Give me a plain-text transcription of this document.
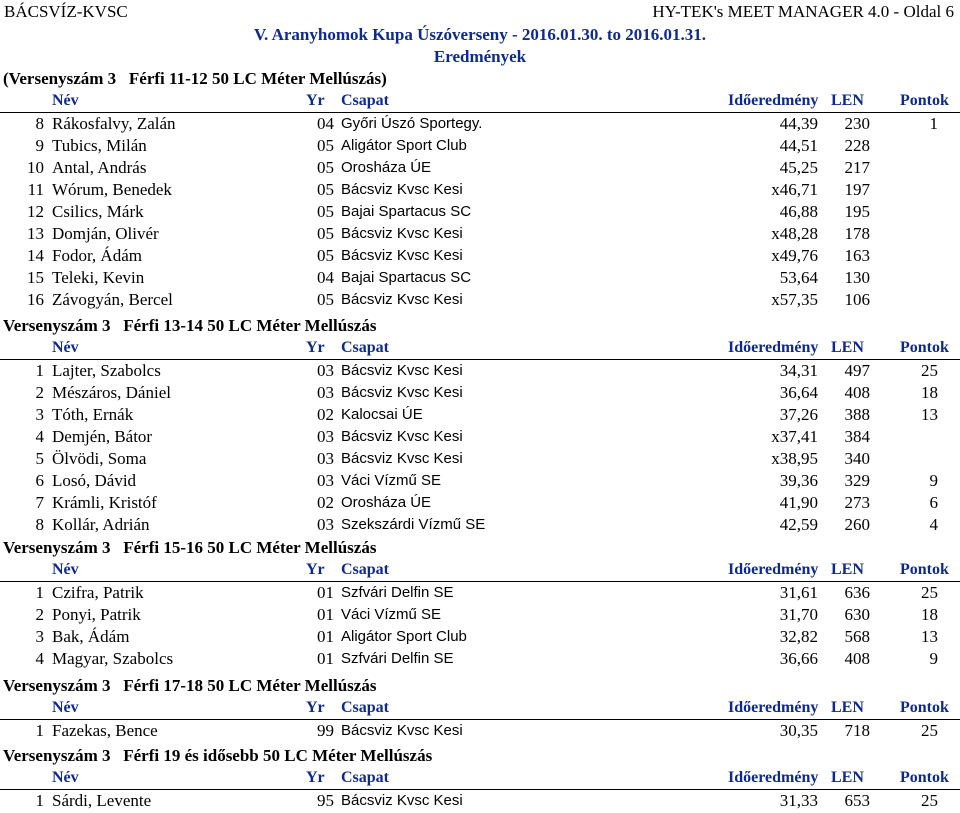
BÁCSVÍZ-KVSC	HY-TEK's MEET MANAGER 4.0 - Oldal 6
V. Aranyhomok Kupa Úszóverseny - 2016.01.30. to 2016.01.31.
Eredmények
(Versenyszám 3   Férfi 11-12 50 LC Méter Mellúszás)
Név	Yr Csapat	Időeredmény LEN Pontok
8 Rákosfalvy, Zalán	04 Győri Úszó Sportegy.	44,39	230	1
9 Tubics, Milán	05 Aligátor Sport Club	44,51	228
10 Antal, András	05 Orosháza ÚE	45,25	217
11 Wórum, Benedek	05 Bácsviz Kvsc Kesi	x46,71	197
12 Csilics, Márk	05 Bajai Spartacus SC	46,88	195
13 Domján, Olivér	05 Bácsviz Kvsc Kesi	x48,28	178
14 Fodor, Ádám	05 Bácsviz Kvsc Kesi	x49,76	163
15 Teleki, Kevin	04 Bajai Spartacus SC	53,64	130
16 Závogyán, Bercel	05 Bácsviz Kvsc Kesi	x57,35	106
Versenyszám 3   Férfi 13-14 50 LC Méter Mellúszás
Név	Yr Csapat	Időeredmény LEN Pontok
1 Lajter, Szabolcs	03 Bácsviz Kvsc Kesi	34,31	497	25
2 Mészáros, Dániel	03 Bácsviz Kvsc Kesi	36,64	408	18
3 Tóth, Ernák	02 Kalocsai ÚE	37,26	388	13
4 Demjén, Bátor	03 Bácsviz Kvsc Kesi	x37,41	384
5 Ölvödi, Soma	03 Bácsviz Kvsc Kesi	x38,95	340
6 Losó, Dávid	03 Váci Vízmű SE	39,36	329	9
7 Krámli, Kristóf	02 Orosháza ÚE	41,90	273	6
8 Kollár, Adrián	03 Szekszárdi Vízmű SE	42,59	260	4
Versenyszám 3   Férfi 15-16 50 LC Méter Mellúszás
Név	Yr Csapat	Időeredmény LEN Pontok
1 Czifra, Patrik	01 Szfvári Delfin SE	31,61	636	25
2 Ponyi, Patrik	01 Váci Vízmű SE	31,70	630	18
3 Bak, Ádám	01 Aligátor Sport Club	32,82	568	13
4 Magyar, Szabolcs	01 Szfvári Delfin SE	36,66	408	9
Versenyszám 3   Férfi 17-18 50 LC Méter Mellúszás
Név	Yr Csapat	Időeredmény LEN Pontok
1 Fazekas, Bence	99 Bácsviz Kvsc Kesi	30,35	718	25
Versenyszám 3   Férfi 19 és idősebb 50 LC Méter Mellúszás
Név	Yr Csapat	Időeredmény LEN Pontok
1 Sárdi, Levente	95 Bácsviz Kvsc Kesi	31,33	653	25
